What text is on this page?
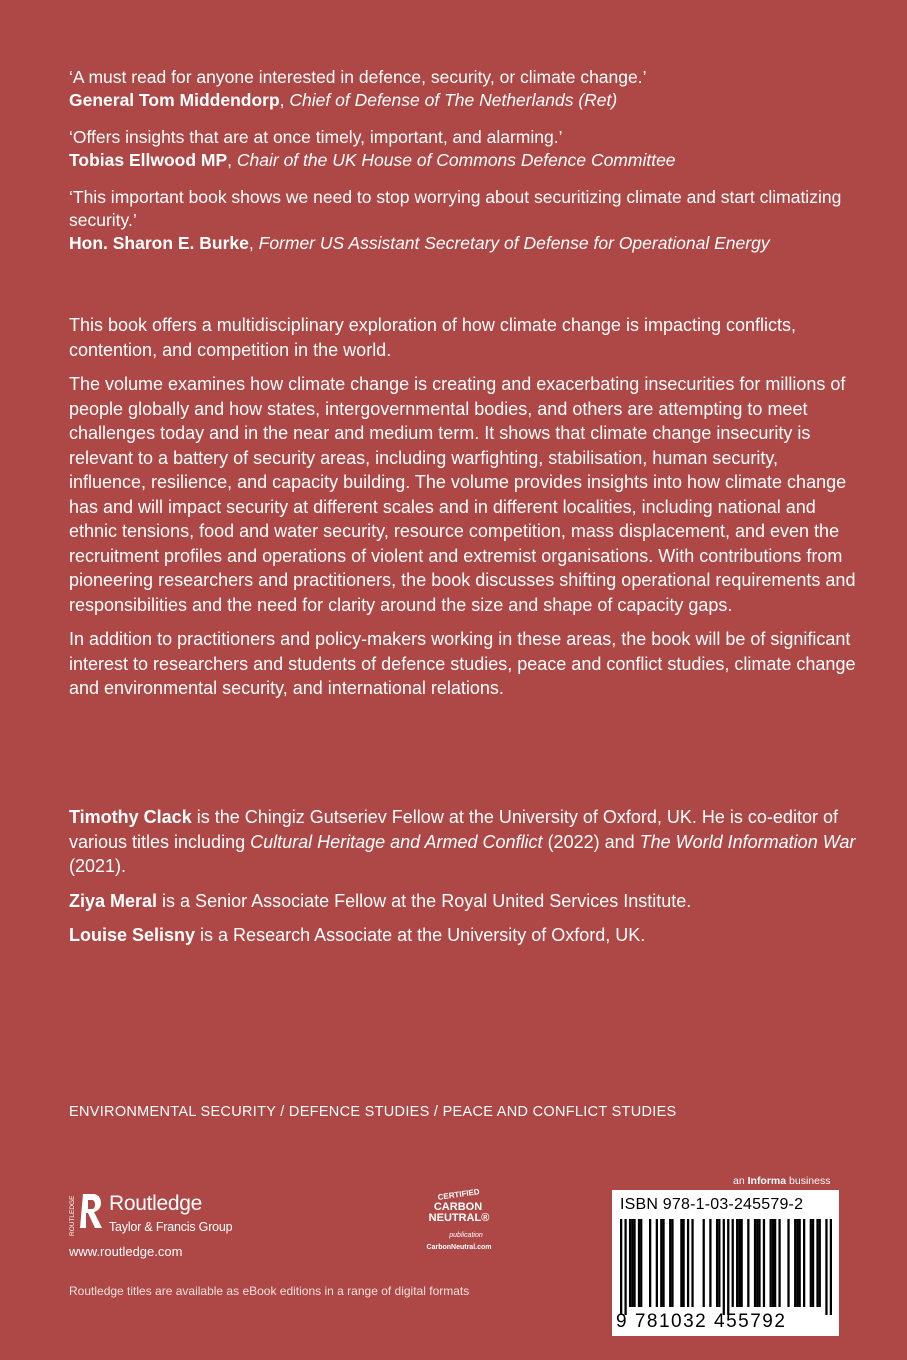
‘A must read for anyone interested in defence, security, or climate change.’
General Tom Middendorp, Chief of Defense of The Netherlands (Ret)
‘Offers insights that are at once timely, important, and alarming.’
Tobias Ellwood MP, Chair of the UK House of Commons Defence Committee
‘This important book shows we need to stop worrying about securitizing climate and start climatizing security.’
Hon. Sharon E. Burke, Former US Assistant Secretary of Defense for Operational Energy

This book offers a multidisciplinary exploration of how climate change is impacting conflicts, contention, and competition in the world.

The volume examines how climate change is creating and exacerbating insecurities for millions of people globally and how states, intergovernmental bodies, and others are attempting to meet challenges today and in the near and medium term. It shows that climate change insecurity is relevant to a battery of security areas, including warfighting, stabilisation, human security, influence, resilience, and capacity building. The volume provides insights into how climate change has and will impact security at different scales and in different localities, including national and ethnic tensions, food and water security, resource competition, mass displacement, and even the recruitment profiles and operations of violent and extremist organisations. With contributions from pioneering researchers and practitioners, the book discusses shifting operational requirements and responsibilities and the need for clarity around the size and shape of capacity gaps.

In addition to practitioners and policy-makers working in these areas, the book will be of significant interest to researchers and students of defence studies, peace and conflict studies, climate change and environmental security, and international relations.

Timothy Clack is the Chingiz Gutseriev Fellow at the University of Oxford, UK. He is co-editor of various titles including Cultural Heritage and Armed Conflict (2022) and The World Information War (2021).

Ziya Meral is a Senior Associate Fellow at the Royal United Services Institute.

Louise Selisny is a Research Associate at the University of Oxford, UK.

ENVIRONMENTAL SECURITY / DEFENCE STUDIES / PEACE AND CONFLICT STUDIES
ROUTLEDGE Routledge
Taylor & Francis Group
www.routledge.com
Routledge titles are available as eBook editions in a range of digital formats
CERTIFIED
CARBON
NEUTRAL®
publication
CarbonNeutral.com
an Informa business
ISBN 978-1-03-245579-2
9 781032 455792
